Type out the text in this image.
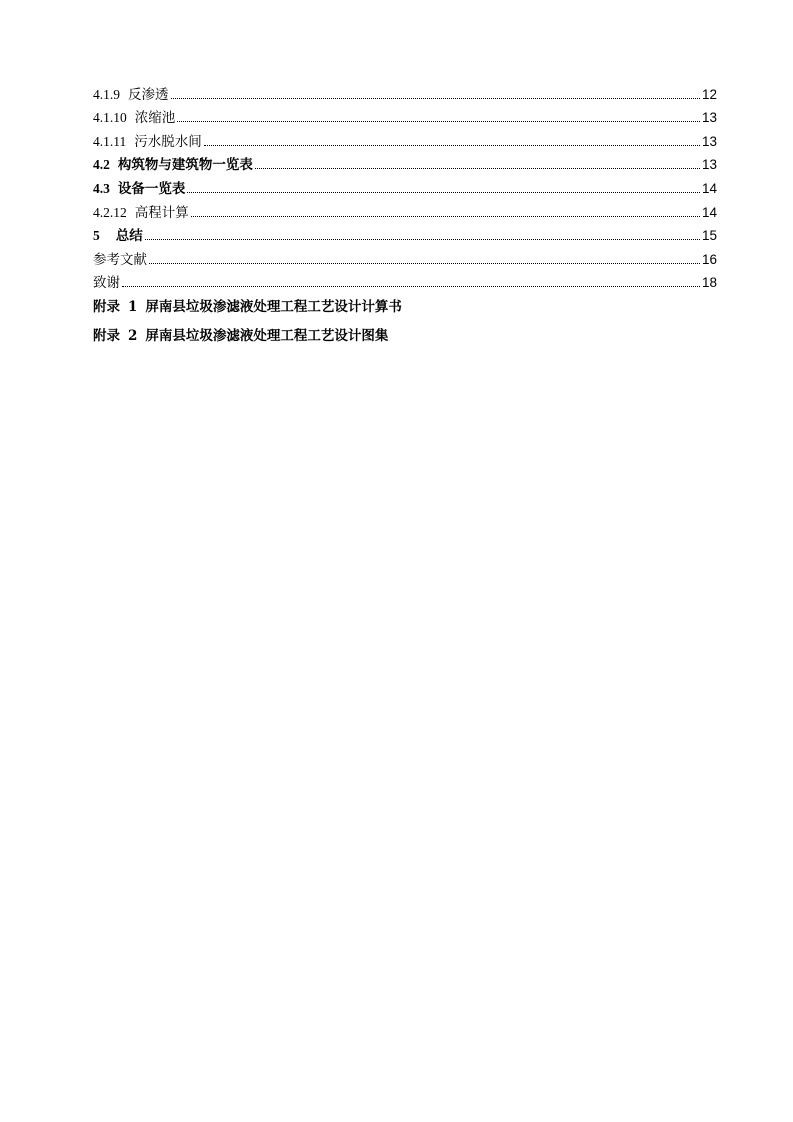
4.1.9 反渗透	12
4.1.10 浓缩池	13
4.1.11 污水脱水间	13
4.2 构筑物与建筑物一览表	13
4.3 设备一览表	14
4.2.12 高程计算	14
5 总结	15
参考文献	16
致谢	18
附录 1 屏南县垃圾渗滤液处理工程工艺设计计算书
附录 2 屏南县垃圾渗滤液处理工程工艺设计图集
